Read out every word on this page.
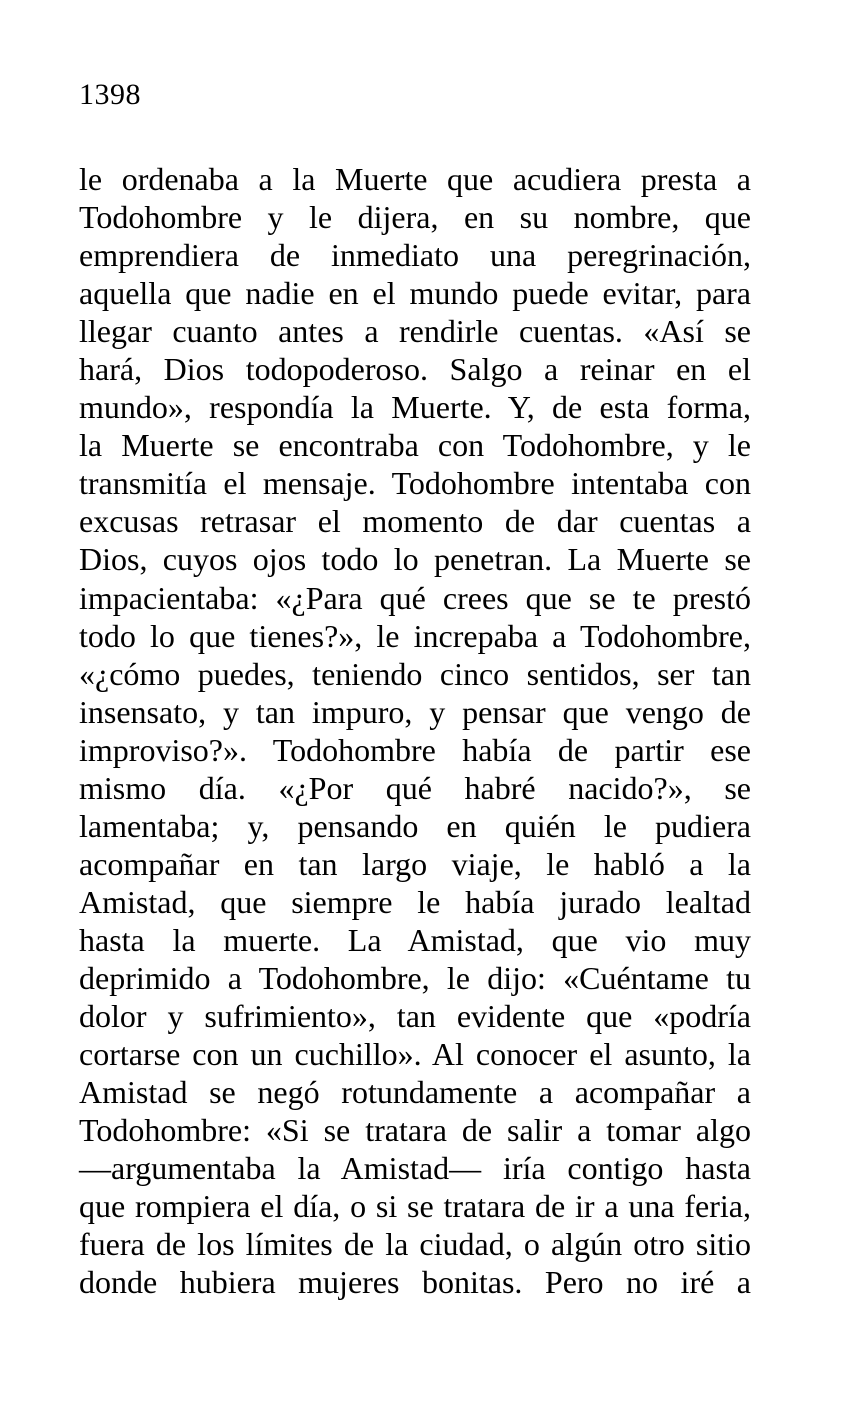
1398
le ordenaba a la Muerte que acudiera presta a
Todohombre y le dijera, en su nombre, que
emprendiera de inmediato una peregrinación,
aquella que nadie en el mundo puede evitar, para
llegar cuanto antes a rendirle cuentas. «Así se
hará, Dios todopoderoso. Salgo a reinar en el
mundo», respondía la Muerte. Y, de esta forma,
la Muerte se encontraba con Todohombre, y le
transmitía el mensaje. Todohombre intentaba con
excusas retrasar el momento de dar cuentas a
Dios, cuyos ojos todo lo penetran. La Muerte se
impacientaba: «¿Para qué crees que se te prestó
todo lo que tienes?», le increpaba a Todohombre,
«¿cómo puedes, teniendo cinco sentidos, ser tan
insensato, y tan impuro, y pensar que vengo de
improviso?». Todohombre había de partir ese
mismo día. «¿Por qué habré nacido?», se
lamentaba; y, pensando en quién le pudiera
acompañar en tan largo viaje, le habló a la
Amistad, que siempre le había jurado lealtad
hasta la muerte. La Amistad, que vio muy
deprimido a Todohombre, le dijo: «Cuéntame tu
dolor y sufrimiento», tan evidente que «podría
cortarse con un cuchillo». Al conocer el asunto, la
Amistad se negó rotundamente a acompañar a
Todohombre: «Si se tratara de salir a tomar algo
—argumentaba la Amistad— iría contigo hasta
que rompiera el día, o si se tratara de ir a una feria,
fuera de los límites de la ciudad, o algún otro sitio
donde hubiera mujeres bonitas. Pero no iré a
